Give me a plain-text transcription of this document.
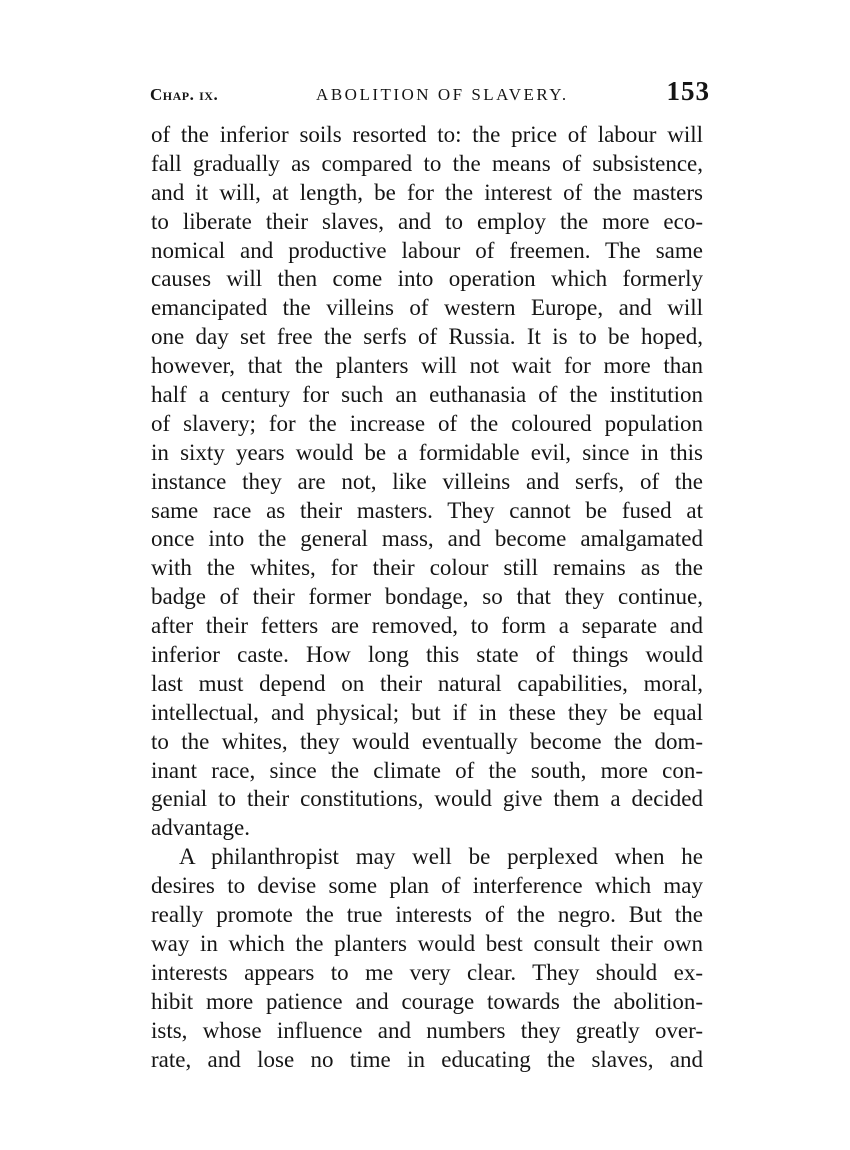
Chap. ix.	ABOLITION OF SLAVERY.	153
of the inferior soils resorted to: the price of labour will
fall gradually as compared to the means of subsistence,
and it will, at length, be for the interest of the masters
to liberate their slaves, and to employ the more eco-
nomical and productive labour of freemen. The same
causes will then come into operation which formerly
emancipated the villeins of western Europe, and will
one day set free the serfs of Russia. It is to be hoped,
however, that the planters will not wait for more than
half a century for such an euthanasia of the institution
of slavery; for the increase of the coloured population
in sixty years would be a formidable evil, since in this
instance they are not, like villeins and serfs, of the
same race as their masters. They cannot be fused at
once into the general mass, and become amalgamated
with the whites, for their colour still remains as the
badge of their former bondage, so that they continue,
after their fetters are removed, to form a separate and
inferior caste. How long this state of things would
last must depend on their natural capabilities, moral,
intellectual, and physical; but if in these they be equal
to the whites, they would eventually become the dom-
inant race, since the climate of the south, more con-
genial to their constitutions, would give them a decided
advantage.
A philanthropist may well be perplexed when he
desires to devise some plan of interference which may
really promote the true interests of the negro. But the
way in which the planters would best consult their own
interests appears to me very clear. They should ex-
hibit more patience and courage towards the abolition-
ists, whose influence and numbers they greatly over-
rate, and lose no time in educating the slaves, and
